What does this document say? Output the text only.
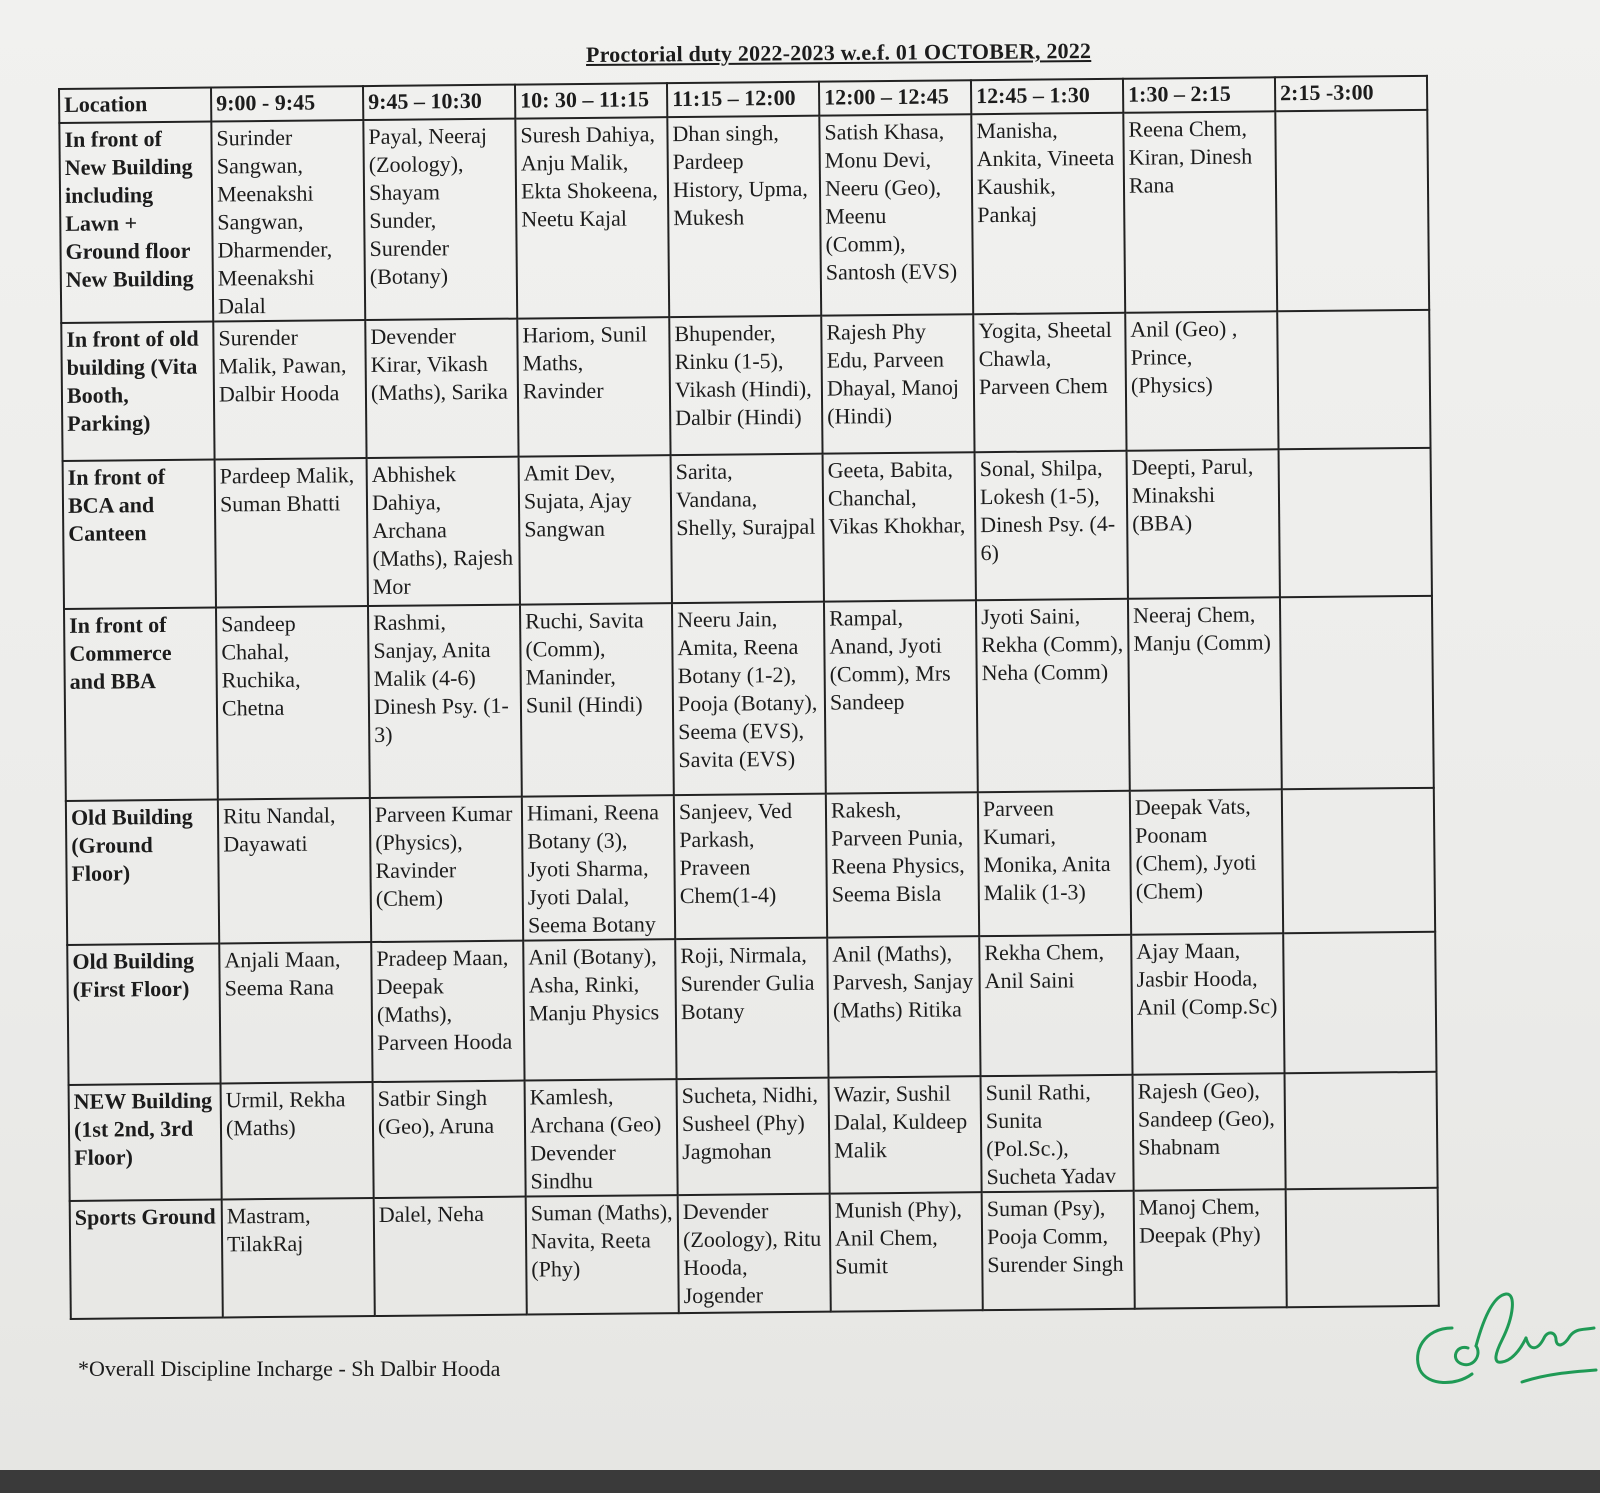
Proctorial duty 2022-2023 w.e.f. 01 OCTOBER, 2022
Location	9:00 - 9:45	9:45 – 10:30	10: 30 – 11:15	11:15 – 12:00	12:00 – 12:45	12:45 – 1:30	1:30 – 2:15	2:15 -3:00
In front of New Building including Lawn + Ground floor New Building	Surinder Sangwan, Meenakshi Sangwan, Dharmender, Meenakshi Dalal	Payal, Neeraj (Zoology), Shayam Sunder, Surender (Botany)	Suresh Dahiya, Anju Malik, Ekta Shokeena, Neetu Kajal	Dhan singh, Pardeep History, Upma, Mukesh	Satish Khasa, Monu Devi, Neeru (Geo), Meenu (Comm), Santosh (EVS)	Manisha, Ankita, Vineeta Kaushik, Pankaj	Reena Chem, Kiran, Dinesh Rana	
In front of old building (Vita Booth, Parking)	Surender Malik, Pawan, Dalbir Hooda	Devender Kirar, Vikash (Maths), Sarika	Hariom, Sunil Maths, Ravinder	Bhupender, Rinku (1-5), Vikash (Hindi), Dalbir (Hindi)	Rajesh Phy Edu, Parveen Dhayal, Manoj (Hindi)	Yogita, Sheetal Chawla, Parveen Chem	Anil (Geo) , Prince, (Physics)	
In front of BCA and Canteen	Pardeep Malik, Suman Bhatti	Abhishek Dahiya, Archana (Maths), Rajesh Mor	Amit Dev, Sujata, Ajay Sangwan	Sarita, Vandana, Shelly, Surajpal	Geeta, Babita, Chanchal, Vikas Khokhar,	Sonal, Shilpa, Lokesh (1-5), Dinesh Psy. (4-6)	Deepti, Parul, Minakshi (BBA)	
In front of Commerce and BBA	Sandeep Chahal, Ruchika, Chetna	Rashmi, Sanjay, Anita Malik (4-6) Dinesh Psy. (1-3)	Ruchi, Savita (Comm), Maninder, Sunil (Hindi)	Neeru Jain, Amita, Reena Botany (1-2), Pooja (Botany), Seema (EVS), Savita (EVS)	Rampal, Anand, Jyoti (Comm), Mrs Sandeep	Jyoti Saini, Rekha (Comm), Neha (Comm)	Neeraj Chem, Manju (Comm)	
Old Building (Ground Floor)	Ritu Nandal, Dayawati	Parveen Kumar (Physics), Ravinder (Chem)	Himani, Reena Botany (3), Jyoti Sharma, Jyoti Dalal, Seema Botany	Sanjeev, Ved Parkash, Praveen Chem(1-4)	Rakesh, Parveen Punia, Reena Physics, Seema Bisla	Parveen Kumari, Monika, Anita Malik (1-3)	Deepak Vats, Poonam (Chem), Jyoti (Chem)	
Old Building (First Floor)	Anjali Maan, Seema Rana	Pradeep Maan, Deepak (Maths), Parveen Hooda	Anil (Botany), Asha, Rinki, Manju Physics	Roji, Nirmala, Surender Gulia Botany	Anil (Maths), Parvesh, Sanjay (Maths) Ritika	Rekha Chem, Anil Saini	Ajay Maan, Jasbir Hooda, Anil (Comp.Sc)	
NEW Building (1st 2nd, 3rd Floor)	Urmil, Rekha (Maths)	Satbir Singh (Geo), Aruna	Kamlesh, Archana (Geo) Devender Sindhu	Sucheta, Nidhi, Susheel (Phy) Jagmohan	Wazir, Sushil Dalal, Kuldeep Malik	Sunil Rathi, Sunita (Pol.Sc.), Sucheta Yadav	Rajesh (Geo), Sandeep (Geo), Shabnam	
Sports Ground	Mastram, TilakRaj	Dalel, Neha	Suman (Maths), Navita, Reeta (Phy)	Devender (Zoology), Ritu Hooda, Jogender	Munish (Phy), Anil Chem, Sumit	Suman (Psy), Pooja Comm, Surender Singh	Manoj Chem, Deepak (Phy)	
*Overall Discipline Incharge - Sh Dalbir Hooda
